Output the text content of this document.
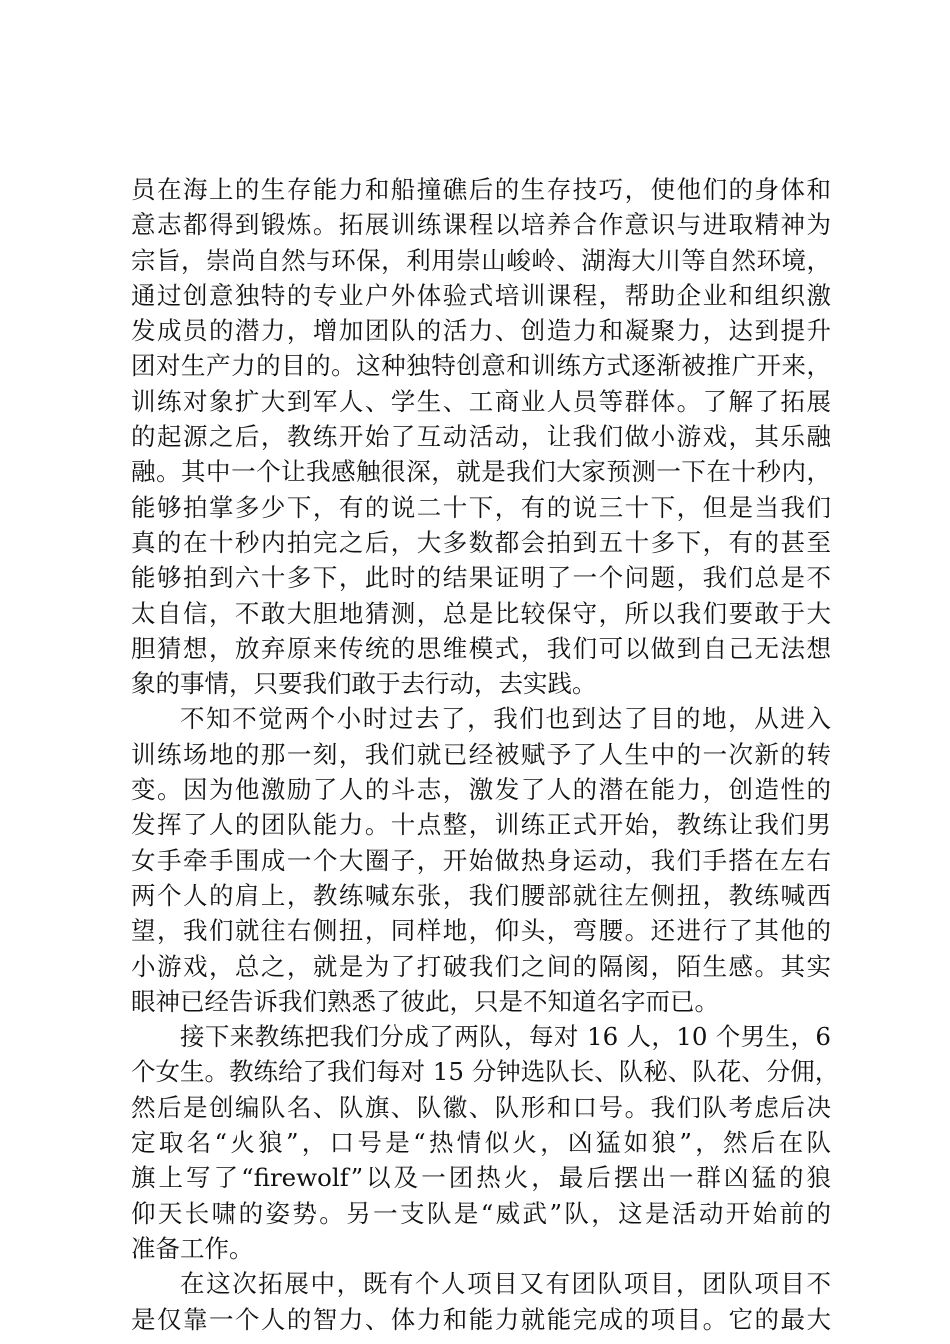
员在海上的生存能力和船撞礁后的生存技巧，使他们的身体和
意志都得到锻炼。拓展训练课程以培养合作意识与进取精神为
宗旨，崇尚自然与环保，利用崇山峻岭、湖海大川等自然环境，
通过创意独特的专业户外体验式培训课程，帮助企业和组织激
发成员的潜力，增加团队的活力、创造力和凝聚力，达到提升
团对生产力的目的。这种独特创意和训练方式逐渐被推广开来，
训练对象扩大到军人、学生、工商业人员等群体。了解了拓展
的起源之后，教练开始了互动活动，让我们做小游戏，其乐融
融。其中一个让我感触很深，就是我们大家预测一下在十秒内，
能够拍掌多少下，有的说二十下，有的说三十下，但是当我们
真的在十秒内拍完之后，大多数都会拍到五十多下，有的甚至
能够拍到六十多下，此时的结果证明了一个问题，我们总是不
太自信，不敢大胆地猜测，总是比较保守，所以我们要敢于大
胆猜想，放弃原来传统的思维模式，我们可以做到自己无法想
象的事情，只要我们敢于去行动，去实践。
不知不觉两个小时过去了，我们也到达了目的地，从进入
训练场地的那一刻，我们就已经被赋予了人生中的一次新的转
变。因为他激励了人的斗志，激发了人的潜在能力，创造性的
发挥了人的团队能力。十点整，训练正式开始，教练让我们男
女手牵手围成一个大圈子，开始做热身运动，我们手搭在左右
两个人的肩上，教练喊东张，我们腰部就往左侧扭，教练喊西
望，我们就往右侧扭，同样地，仰头，弯腰。还进行了其他的
小游戏，总之，就是为了打破我们之间的隔阂，陌生感。其实
眼神已经告诉我们熟悉了彼此，只是不知道名字而已。
接下来教练把我们分成了两队，每对 16 人，10 个男生，6
个女生。教练给了我们每对 15 分钟选队长、队秘、队花、分佣，
然后是创编队名、队旗、队徽、队形和口号。我们队考虑后决
定取名“火狼”，口号是“热情似火，凶猛如狼”，然后在队
旗上写了“firewolf”以及一团热火，最后摆出一群凶猛的狼
仰天长啸的姿势。另一支队是“威武”队，这是活动开始前的
准备工作。
在这次拓展中，既有个人项目又有团队项目，团队项目不
是仅靠一个人的智力、体力和能力就能完成的项目。它的最大
